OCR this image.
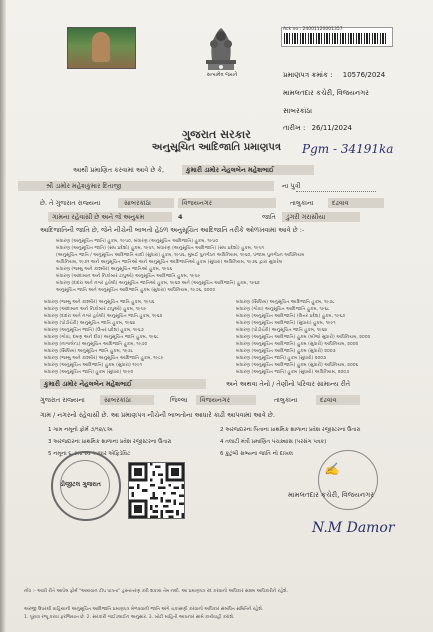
સત્યમેવ જયતે
Ack no : 24001120001357
પ્રમાણપત્ર ક્રમાંક : 10576/2024
મામલતદાર કચેરી, વિજયનગર
સાબરકાંઠા
તારીખ : 26/11/2024
ગુજરાત સરકાર
અનુસૂચિત આદિજાતિ પ્રમાણપત્ર	Pgm - 34191ka
આથી પ્રમાણિત કરવામાં આવે છે કે,	કુમારી ડામોર નેહલબેન મહેશભાઈ
શ્રી ડામોર મહેશકુમાર દિતાજી	ના પુત્રી
છે. તે ગુજરાત રાજ્યના	સાબરકાંઠા	વિજયનગર	તાલુકાના	દઢવાવ
ગામના રહેવાસી છે અને જે અનુક્રમ	4	જાતિ ડુંગરી ગરાસીયા
આદિજાતિની જાતિ છે, જેને નીચેની બાબતો હેઠળ અનુસૂચિત આદિજાતિ તરીકે ઓળખવામાં આવે છે :-
બંધારણ (અનુસૂચિત જાતિ) હુકમ, ૧૯૫૦, બંધારણ (અનુસૂચિત આદિજાતિ) હુકમ, ૧૯૫૦
બંધારણ (અનુસૂચિત જાતિ) (સંઘ પ્રદેશો) હુકમ, ૧૯૫૧, બંધારણ (અનુસૂચિત આદિજાતિ) (સંઘ પ્રદેશો) હુકમ, ૧૯૫૧
(અનુસૂચિત જાતિ / અનુસૂચિત આદિજાતિ યાદી (સુધારા) હુકમ, ૧૯૫૬, મુંબઈ પુનર્ગઠન અધિનિયમ, ૧૯૬૦, પંજાબ પુનર્ગઠન અધિનિયમ
અધિનિયમ, ૧૯૭૧ અને અનુસૂચિત જાતિઓ અને અનુસૂચિત આદિજાતિઓ હુકમ (સુધારા) અધિનિયમ, ૧૯૭૬ દ્વારા સુધારેલ
બંધારણ (જમ્મુ અને કાશ્મીર) અનુસૂચિત જાતિઓ હુકમ, ૧૯૫૬
બંધારણ (આંદામાન અને નિકોબાર ટાપુઓ) અનુસૂચિત આદિજાતિ હુકમ, ૧૯૫૯
બંધારણ (દાદરા અને નગર હવેલી) અનુસૂચિત જાતિઓ હુકમ, ૧૯૬૨ અને (અનુસૂચિત આદિજાતિ) હુકમ, ૧૯૬૨
અનુસૂચિત જાતિ અને અનુસૂચિત આદિજાતિ હુકમ (સુધારા) અધિનિયમ, ૧૯૭૬, ૨૦૦૨
બંધારણ (જમ્મુ અને કાશ્મીર) અનુસૂચિત જાતિ હુકમ, ૧૯૫૬
બંધારણ (આંદામાન અને નિકોબાર ટાપુઓ) હુકમ, ૧૯૫૯
બંધારણ (દાદરા અને નગર હવેલી) અનુસૂચિત જાતિ હુકમ, ૧૯૬૨
બંધારણ (પોંડીચેરી) અનુસૂચિત જાતિ હુકમ, ૧૯૬૪
બંધારણ (અનુસૂચિત જાતિ) (ઉત્તર પ્રદેશ) હુકમ, ૧૯૬૭
બંધારણ (ગોવા, દમણ અને દીવ) અનુસૂચિત જાતિ હુકમ, ૧૯૬૮
બંધારણ (નાગાલેન્ડ) અનુસૂચિત આદિજાતિ હુકમ, ૧૯૭૦
બંધારણ (સિક્કિમ) અનુસૂચિત જાતિ હુકમ, ૧૯૭૮
બંધારણ (જમ્મુ અને કાશ્મીર) અનુસૂચિત આદિજાતિ હુકમ, ૧૯૮૯
બંધારણ (અનુસૂચિત આદિજાતિ) હુકમ (સુધારા) ૧૯૯૧
બંધારણ (અનુસૂચિત જાતિ) હુકમ (સુધારા) ૧૯૯૦
બંધારણ (સિક્કિમ) અનુસૂચિત આદિજાતિ હુકમ, ૧૯૭૮
બંધારણ (ગોવા) અનુસૂચિત આદિજાતિ હુકમ, ૧૯૬૮
બંધારણ (અનુસૂચિત આદિજાતિ) (ઉત્તર પ્રદેશ) હુકમ, ૧૯૬૭
બંધારણ (અનુસૂચિત આદિજાતિ) (સુધારા) હુકમ, ૧૯૯૧
બંધારણ (પોંડીચેરી) અનુસૂચિત જાતિ હુકમ, ૧૯૬૪
બંધારણ (અનુસૂચિત આદિજાતિ) હુકમ (બીજો સુધારો) અધિનિયમ, ૨૦૦૨
બંધારણ (અનુસૂચિત આદિજાતિ) હુકમ (સુધારો) અધિનિયમ, ૨૦૦૨
બંધારણ (અનુસૂચિત આદિજાતિ) હુકમ (સુધારો) ૨૦૦૩
બંધારણ (અનુસૂચિત જાતિ) હુકમ (સુધારો) ૨૦૦૩
બંધારણ (અનુસૂચિત આદિજાતિ) હુકમ (સુધારો) અધિનિયમ, ૨૦૦૬
બંધારણ (અનુસૂચિત જાતિ) હુકમ (સુધારો) અધિનિયમ, ૨૦૦૭
કુમારી ડામોર નેહલબેન મહેશભાઈ	અને અથવા તેનો / તેણીનો પરિવાર સામાન્ય રીતે
ગુજરાત રાજ્યના	સાબરકાંઠા	જિલ્લા વિજયનગર	તાલુકાના	દઢવાવ
ગામ / નગરનો રહેવાસી છે. આ પ્રમાણપત્ર નીચેની બાબતોના આધારે કાઢી આપવામાં આવે છે.
1 ગામ નમૂનો ફોર્મ ૭/૧૨/૮અ
3 અરજદારના પ્રાથમિક શાળાના પ્રવેશ રજીસ્ટરના ઉતારા
5 નમૂના ૬-૭મા સ્વ આધાર એફિડેવિટ
2 અરજદારના પિતાના પ્રાથમિક શાળાના પ્રવેશ રજીસ્ટરના ઉતારા
4 તલાટી મંત્રી પ્રમાણિત પંચક્યાસ (પરસંગ પત્રક)
6 કુટુંબી સભ્યના જાતિ નો દાખલ
ડીજીટલ ગુજરાત
✍
મામલતદાર કચેરી, વિજયનગર
N.M Damor
નોંધ :- આવી રીતે આપેલ ફોર્મ "આયવાન ટીપ પાત્રતા" હસ્તાંતરણ કરી શકાય તેમ નથી. આ પ્રમાણપત્ર રદ કરવાનો અધિકાર સક્ષમ અધિકારીને રહેશે.
અરજી ઉપરથી વાહિયાની અનુસૂચિત આદિજાતિ પ્રમાણપત્ર મેળવવાની જાતિ અંગે ચકાસણી કરવાનો અધિકાર સંબંધિત સમિતિને રહેશે.
1. પૂરાવા રજૂ કરવા ફરજિયાત છે. 2. સરકારી ગાઈડલાઈન અનુસાર. 3. ખોટી માહિતી આપનાર સામે કાર્યવાહી કરાશે.
